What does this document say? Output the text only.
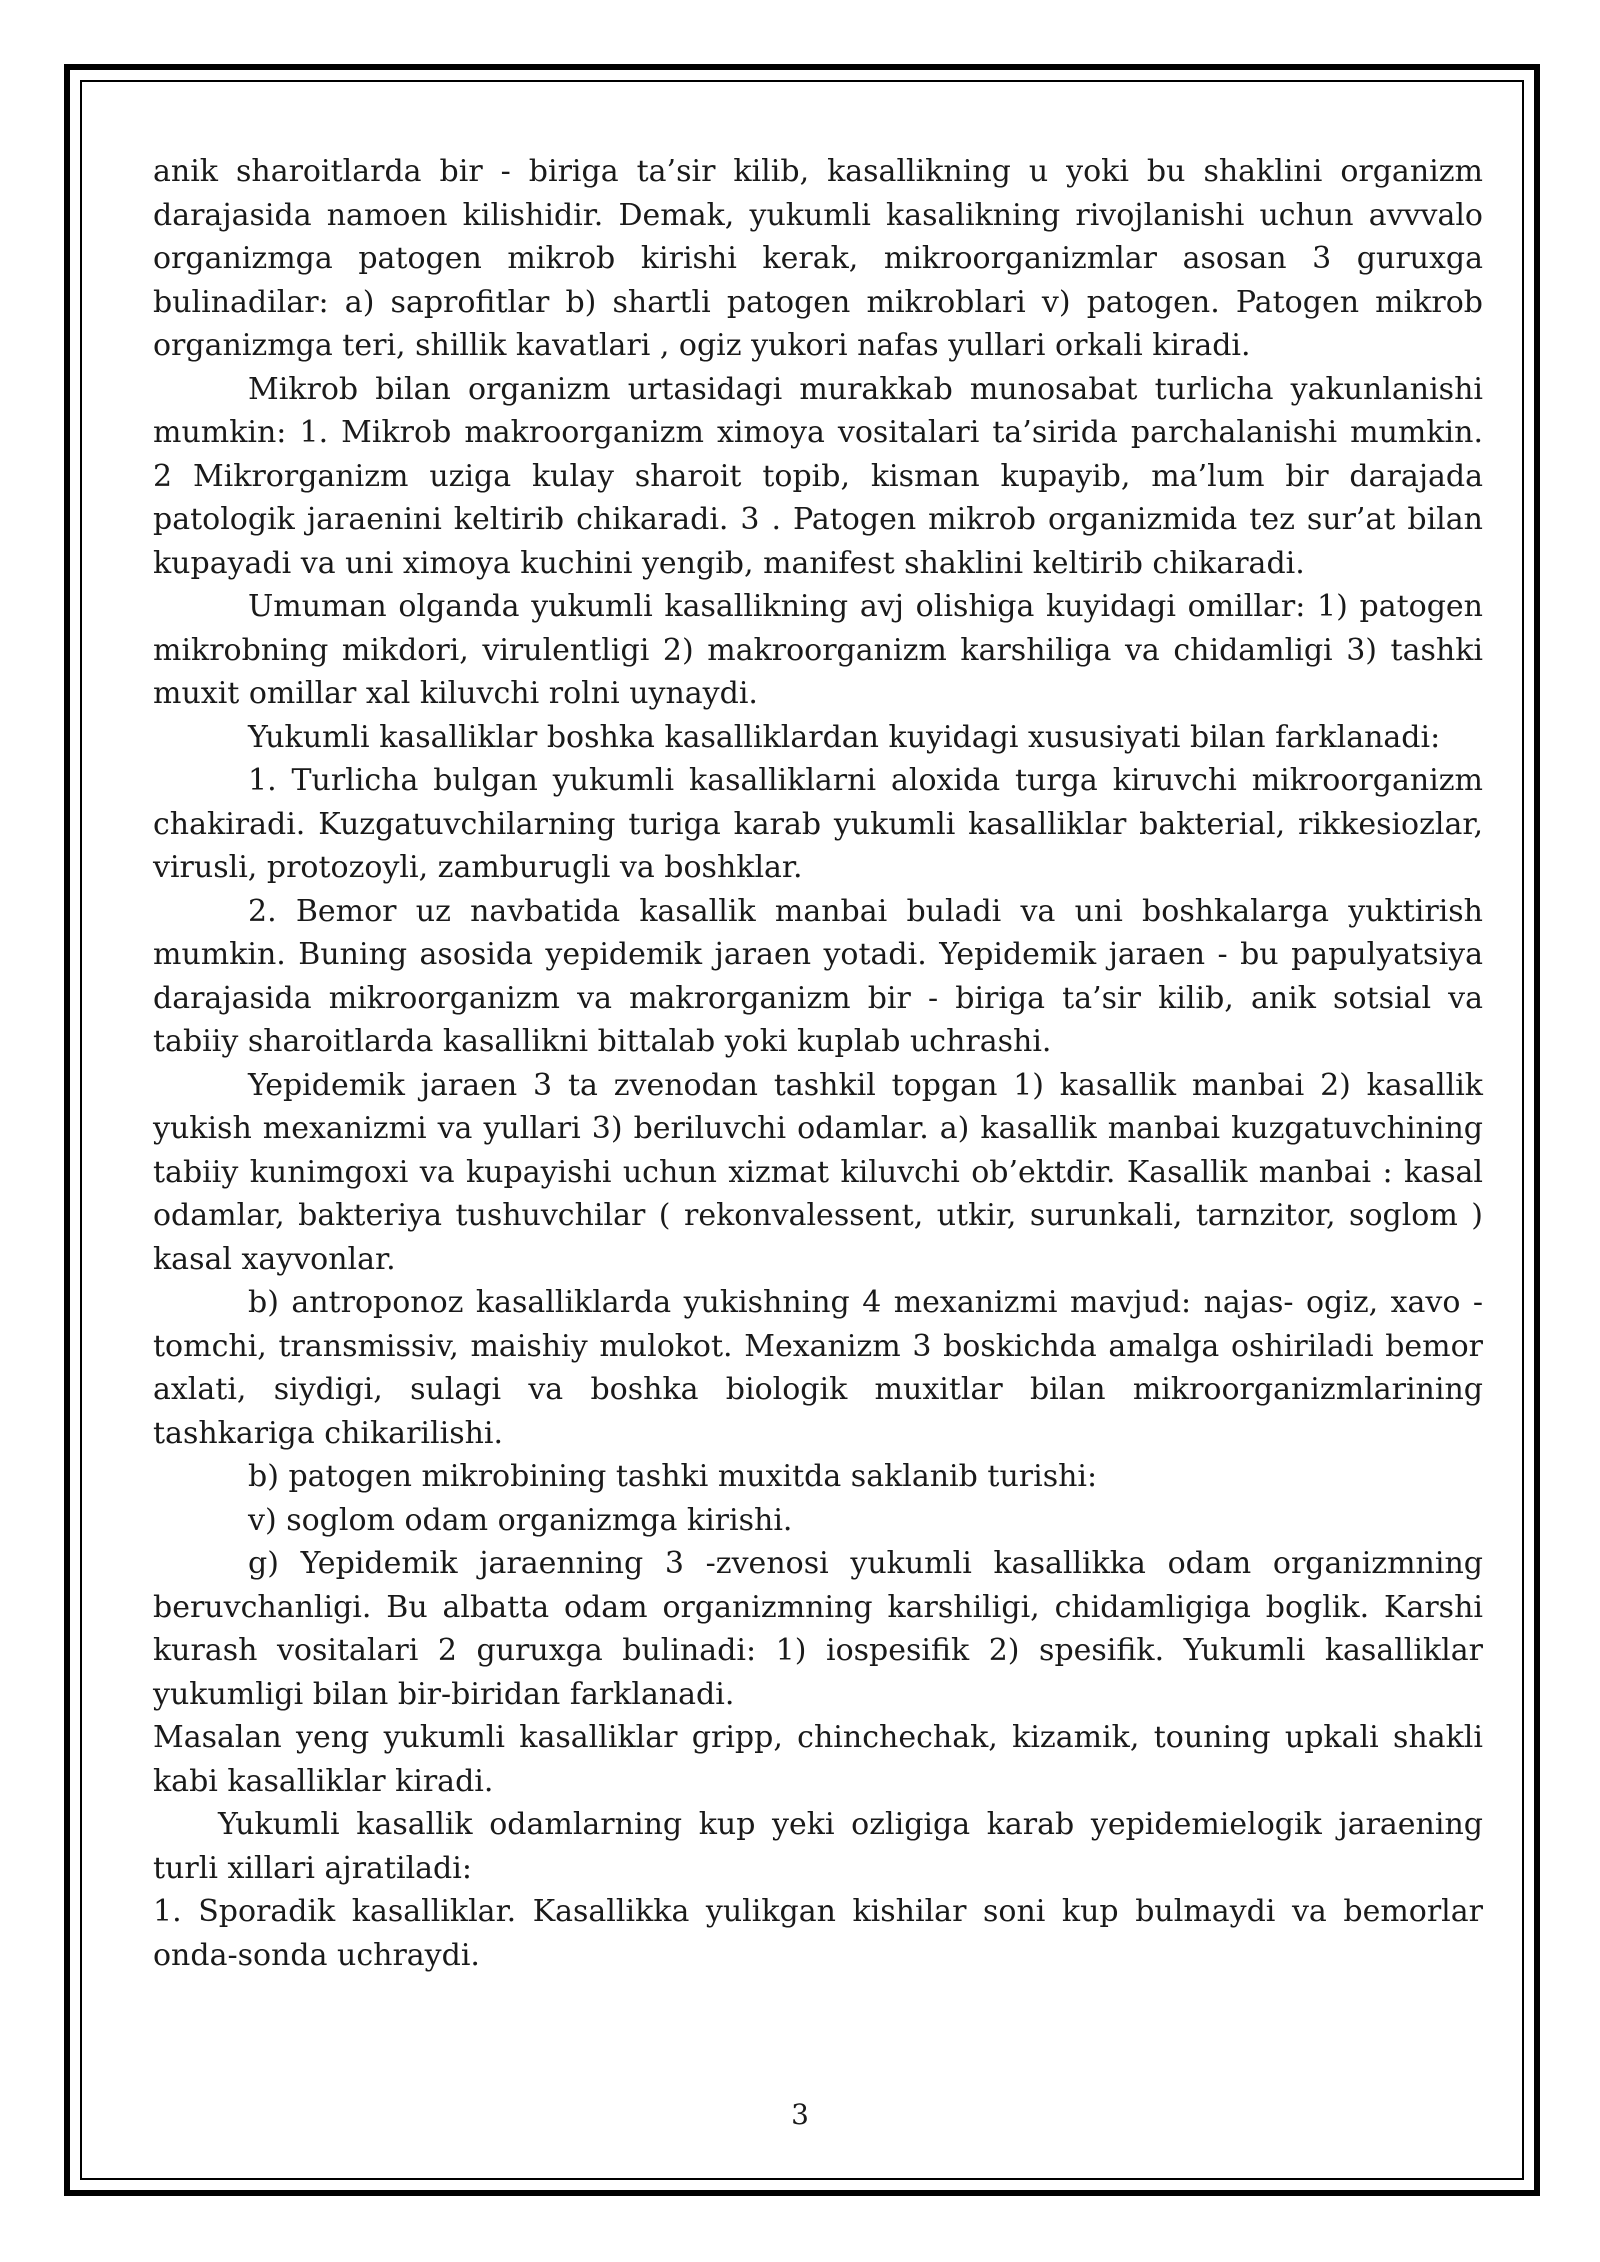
anik sharoitlarda bir - biriga ta’sir kilib, kasallikning u yoki bu shaklini organizm darajasida namoen kilishidir. Demak, yukumli kasalikning rivojlanishi uchun avvvalo organizmga patogen mikrob kirishi kerak, mikroorganizmlar asosan 3 guruxga bulinadilar: a) saprofitlar b) shartli patogen mikroblari v) patogen. Patogen mikrob organizmga teri, shillik kavatlari , ogiz yukori nafas yullari orkali kiradi.

Mikrob bilan organizm urtasidagi murakkab munosabat turlicha yakunlanishi mumkin: 1. Mikrob makroorganizm ximoya vositalari ta’sirida parchalanishi mumkin. 2 Mikrorganizm uziga kulay sharoit topib, kisman kupayib, ma’lum bir darajada patologik jaraenini keltirib chikaradi. 3 . Patogen mikrob organizmida tez sur’at bilan kupayadi va uni ximoya kuchini yengib, manifest shaklini keltirib chikaradi.

Umuman olganda yukumli kasallikning avj olishiga kuyidagi omillar: 1) patogen mikrobning mikdori, virulentligi 2) makroorganizm karshiliga va chidamligi 3) tashki muxit omillar xal kiluvchi rolni uynaydi.

Yukumli kasalliklar boshka kasalliklardan kuyidagi xususiyati bilan farklanadi:

1. Turlicha bulgan yukumli kasalliklarni aloxida turga kiruvchi mikroorganizm chakiradi. Kuzgatuvchilarning turiga karab yukumli kasalliklar bakterial, rikkesiozlar, virusli, protozoyli, zamburugli va boshklar.

2. Bemor uz navbatida kasallik manbai buladi va uni boshkalarga yuktirish mumkin. Buning asosida yepidemik jaraen yotadi. Yepidemik jaraen - bu papulyatsiya darajasida mikroorganizm va makrorganizm bir - biriga ta’sir kilib, anik sotsial va tabiiy sharoitlarda kasallikni bittalab yoki kuplab uchrashi.

Yepidemik jaraen 3 ta zvenodan tashkil topgan 1) kasallik manbai 2) kasallik yukish mexanizmi va yullari 3) beriluvchi odamlar. a) kasallik manbai kuzgatuvchining tabiiy kunimgoxi va kupayishi uchun xizmat kiluvchi ob’ektdir. Kasallik manbai : kasal odamlar, bakteriya tushuvchilar ( rekonvalessent, utkir, surunkali, tarnzitor, soglom ) kasal xayvonlar.

b) antroponoz kasalliklarda yukishning 4 mexanizmi mavjud: najas- ogiz, xavo - tomchi, transmissiv, maishiy mulokot. Mexanizm 3 boskichda amalga oshiriladi bemor axlati, siydigi, sulagi va boshka biologik muxitlar bilan mikroorganizmlarining tashkariga chikarilishi.

b) patogen mikrobining tashki muxitda saklanib turishi:

v) soglom odam organizmga kirishi.

g) Yepidemik jaraenning 3 -zvenosi yukumli kasallikka odam organizmning beruvchanligi. Bu albatta odam organizmning karshiligi, chidamligiga boglik. Karshi kurash vositalari 2 guruxga bulinadi: 1) iospesifik 2) spesifik. Yukumli kasalliklar yukumligi bilan bir-biridan farklanadi.

Masalan yeng yukumli kasalliklar gripp, chinchechak, kizamik, touning upkali shakli kabi kasalliklar kiradi.

Yukumli kasallik odamlarning kup yeki ozligiga karab yepidemielogik jaraening turli xillari ajratiladi:

1. Sporadik kasalliklar. Kasallikka yulikgan kishilar soni kup bulmaydi va bemorlar onda-sonda uchraydi.

3
